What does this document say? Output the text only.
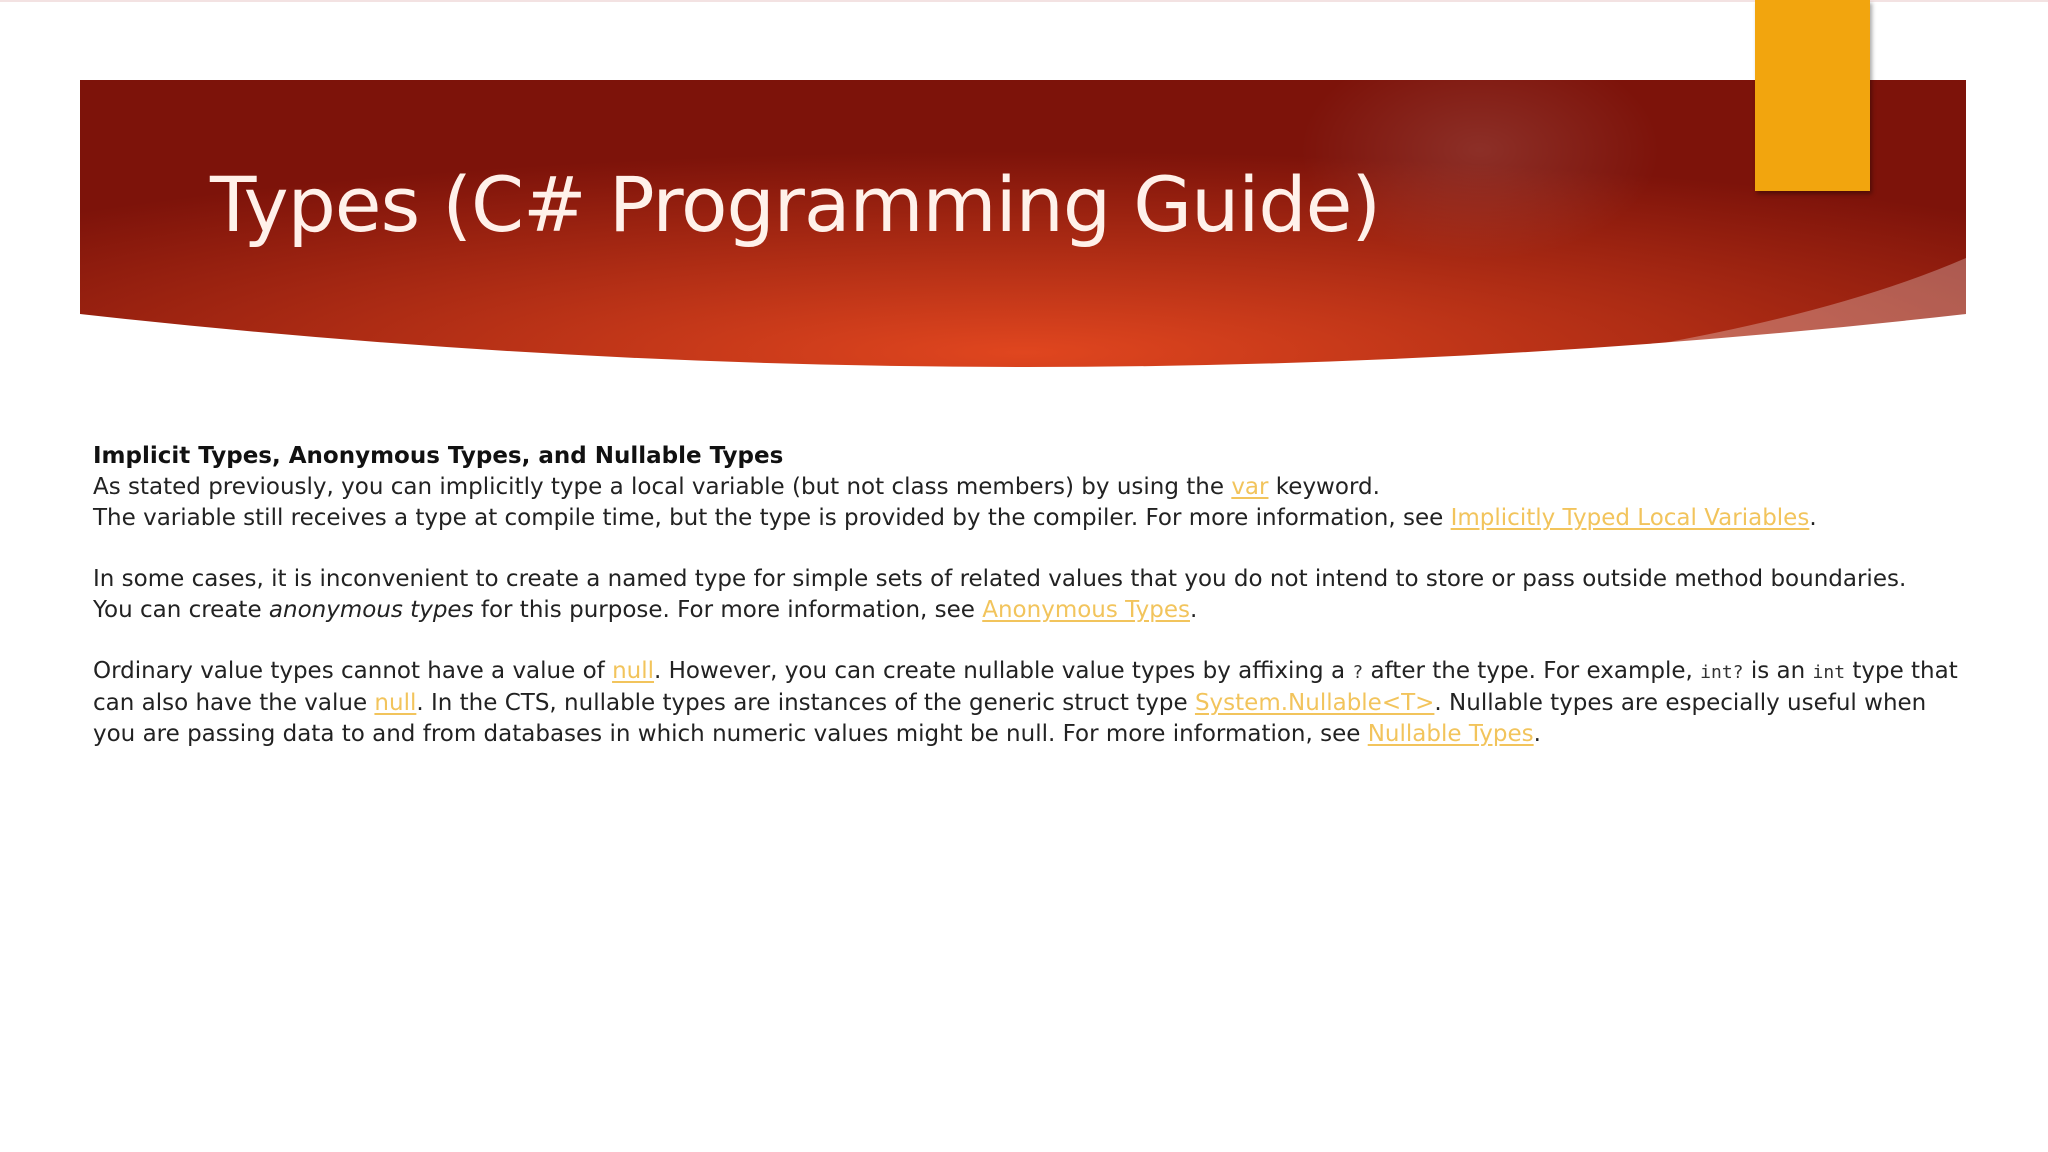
Types (C# Programming Guide)

Implicit Types, Anonymous Types, and Nullable Types

As stated previously, you can implicitly type a local variable (but not class members) by using the var keyword.

The variable still receives a type at compile time, but the type is provided by the compiler. For more information, see Implicitly Typed Local Variables.

In some cases, it is inconvenient to create a named type for simple sets of related values that you do not intend to store or pass outside method boundaries.

You can create anonymous types for this purpose. For more information, see Anonymous Types.

Ordinary value types cannot have a value of null. However, you can create nullable value types by affixing a ? after the type. For example, int? is an int type that can also have the value null. In the CTS, nullable types are instances of the generic struct type System.Nullable<T>. Nullable types are especially useful when you are passing data to and from databases in which numeric values might be null. For more information, see Nullable Types.
